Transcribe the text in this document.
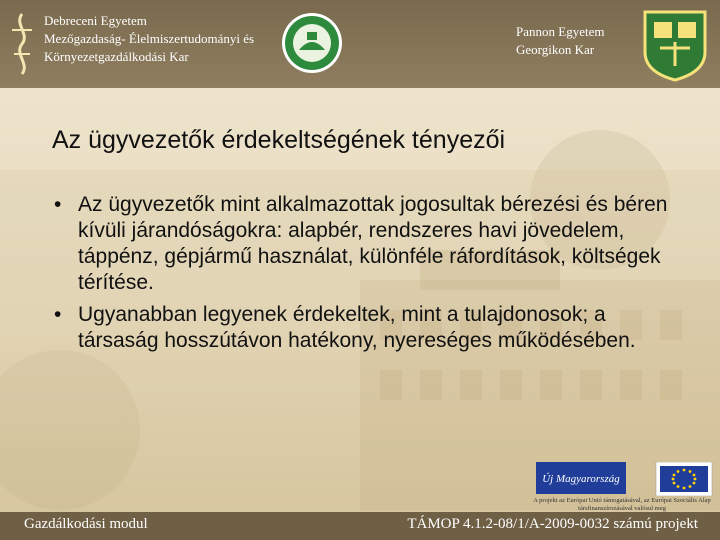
Debreceni Egyetem
Mezőgazdaság- Élelmiszertudományi és
Környezetgazdálkodási Kar
Pannon Egyetem
Georgikon Kar
Az ügyvezetők érdekeltségének tényezői
• Az ügyvezetők mint alkalmazottak jogosultak bérezési és béren kívüli járandóságokra: alapbér, rendszeres havi jövedelem, táppénz, gépjármű használat, különféle ráfordítások, költségek térítése.
• Ugyanabban legyenek érdekeltek, mint a tulajdonosok; a társaság hosszútávon hatékony, nyereséges működésében.
Új Magyarország
A projekt az Európai Unió támogatásával, az Európai Szociális Alap társfinanszírozásával valósul meg
Gazdálkodási modul	TÁMOP 4.1.2-08/1/A-2009-0032 számú projekt
